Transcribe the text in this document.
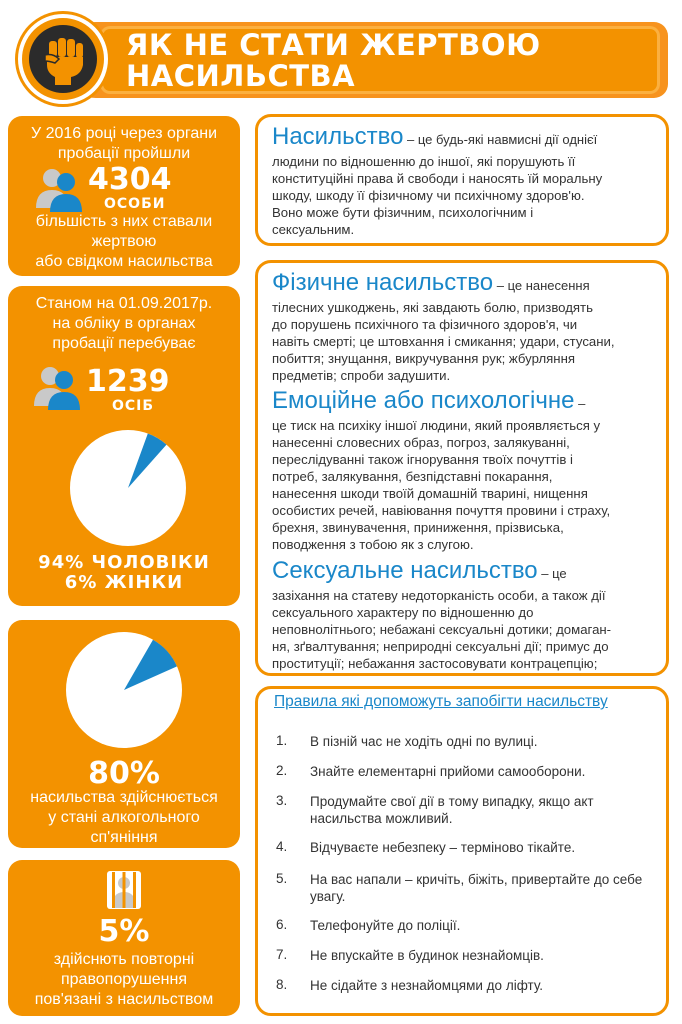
ЯК НЕ СТАТИ ЖЕРТВОЮ
НАСИЛЬСТВА
У 2016 році через органи
пробації пройшли
4304
ОСОБИ
більшість з них ставали
жертвою
або свідком насильства
Станом на 01.09.2017р.
на обліку в органах
пробації перебуває
1239
ОСІБ
94% ЧОЛОВІКИ
6% ЖІНКИ
80%
насильства здійснюється
у стані алкогольного
сп'яніння
5%
здійснють повторні
правопорушення
пов'язані з насильством
Насильство – це будь-які навмисні дії однієї
людини по відношенню до іншої, які порушують її
конституційні права й свободи і наносять їй моральну
шкоду, шкоду її фізичному чи психічному здоров'ю.
Воно може бути фізичним, психологічним і
сексуальним.
Фізичне насильство – це нанесення
тілесних ушкоджень, які завдають болю, призводять
до порушень психічного та фізичного здоров'я, чи
навіть смерті; це штовхання і смикання; удари, стусани,
побиття; знущання, викручування рук; жбурляння
предметів; спроби задушити.
Емоційне або психологічне –
це тиск на психіку іншої людини, який проявляється у
нанесенні словесних образ, погроз, залякуванні,
переслідуванні також ігнорування твоїх почуттів і
потреб, залякування, безпідставні покарання,
нанесення шкоди твоїй домашній тварині, нищення
особистих речей, навіювання почуття провини і страху,
брехня, звинувачення, приниження, прізвиська,
поводження з тобою як з слугою.
Сексуальне насильство – це
зазіхання на статеву недоторканість особи, а також дії
сексуального характеру по відношенню до
неповнолітнього; небажані сексуальні дотики; домаган-
ня, зґвалтування; неприродні сексуальні дії; примус до
проституції; небажання застосовувати контрацепцію;
Правила які допоможуть запобігти насильству
1.	В пізній час не ходіть одні по вулиці.
2.	Знайте елементарні прийоми самооборони.
3.	Продумайте свої дії в тому випадку, якщо акт насильства можливий.
4.	Відчуваєте небезпеку – терміново тікайте.
5.	На вас напали – кричіть, біжіть, привертайте до себе увагу.
6.	Телефонуйте до поліції.
7.	Не впускайте в будинок незнайомців.
8.	Не сідайте з незнайомцями до ліфту.
